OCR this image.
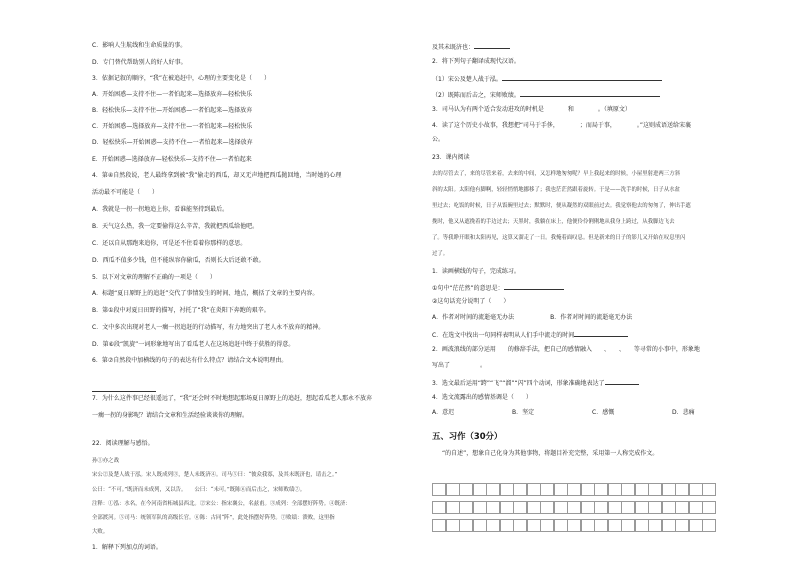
C．影响人生航线和生命质量的事。
D．专门替代帮助别人的好人好事。
3．依据记叙的顺序，“我”在被追赶中，心理的主要变化是（　　）
A．开始困惑—支持不住—一者怕起来—选择放弃—轻松快乐
B．轻松快乐—支持不住—开始困惑—一者怕起来—选择放弃
C．开始困惑—选择放弃—支持不住—一者怕起来—轻松快乐
D．轻松快乐—开始困惑—支持不住—一者怕起来—选择放弃
E．开始困惑—选择放弃—轻松快乐—支持不住—一者怕起来
4．第④自然段说，老人最终拿到被“我”偷走的西瓜，却又无声地把西瓜抛回地，当时她的心理
活动最不可能是（　　）
A．我就是一拐一拐地追上你，看谁能坚持到最后。
B．天气这么热，我一定要偷得这么辛苦，我就把西瓜给他吧。
C．还以自从那跑来追你，可是还不住看着你那样的意思。
D．西瓜不值多少钱，但不能纵容你偷瓜，否则长大后还敢不敢。
5．以下对文章的理解不正确的一项是（　　）
A．标题“夏日原野上的追赶”交代了事情发生的时间、地点，概括了文章的主要内容。
B．第①段中对夏日田野的描写，衬托了“我”在炎阳下奔跑的艰辛。
C．文中多次出现对老人一瘸一拐追赶的行动描写，有力地突出了老人永不放弃的精神。
D．第⑥段“凯旋”一词形象地写出了看瓜老人在这场追赶中终于获胜的得意。
6．第⑦自然段中加横线的句子的表达有什么特点？请结合文本说明理由。
7．为什么这件事已经很遥远了，“我”还会时不时地想起那场夏日原野上的追赶，想起看瓜老人那永不放弃
一瘸一拐的身影呢？请结合文章和生活经验谈谈你的理解。
22．阅读理解与感悟。
孙①亦之战
宋公②及楚人战于泓。宋人既成列③，楚人未既济④。司马⑤曰：“彼众我寡，及其未既济也，请击之。”
公曰：“不可。”既济而未成列，又以告。　　公曰：“未可。”既陈⑥而后击之，宋师败绩⑦。
注释：①泓：水名，在今河南省柘城县西北。②宋公：指宋襄公，名兹甫。③成列：全部摆好阵势。④既济：
全部渡河。⑤司马：统领军队的高级长官。⑥陈：古同“阵”，此处指摆好阵势。⑦败绩：溃败，这里指
大败。
1．解释下列加点的词语。
及其未既济也：
2．将下列句子翻译成现代汉语。
（1）宋公及楚人战于泓。
（2）既陈而后击之，宋师败绩。
3．司马认为有两个适合发动进攻的时机是　　　　和　　　　。（填原文）
4．读了这个历史小故事，我想把“司马于手侈，　　　　；而局于事，　　　　。”这则成语送给宋襄
公。
23．课内阅读
去的尽管去了，来的尽管来着，去来的中间，又怎样地匆匆呢？早上我起来的时候，小屋里射进两三方斜
斜的太阳。太阳他有脚啊，轻轻悄悄地挪移了；我也茫茫然跟着旋转。于是——洗手的时候，日子从水盆
里过去；吃饭的时候，日子从饭碗里过去；默默时，便从凝然的双眼前过去。我觉察他去的匆匆了，伸出手遮
挽时，他又从遮挽着的手边过去；天黑时，我躺在床上，他便伶伶俐俐地从我身上跨过，从我脚边飞去
了。等我睁开眼和太阳再见，这算又溜走了一日。我掩着面叹息。但是新来的日子的影儿又开始在叹息里闪
过了。
1．读画横线的句子，完成练习。
①句中“茫茫然”的意思是：
②这句话充分说明了（　　）
A．作者对时间的流逝毫无办法　　　　　　B．作者对时间的流逝毫无办法
C．在选文中找出一句同样表明从人们手中流走的时间
2．画波浪线的部分运用　　的修辞手法，把自己的感情融入　　、　　、　　等寻常的小事中，形象地
写出了　　　　　。
3．选文最后运用“跨”“飞”“溜”“闪”四个动词，形象准确地表达了
4．选文流露出的感情基调是（　　）
A．意迟	B．坚定	C．感慨	D．悲痛
五、习作（30分）
“的自述”，想象自己化身为其他事物，将题目补充完整，采用第一人称完成作文。
